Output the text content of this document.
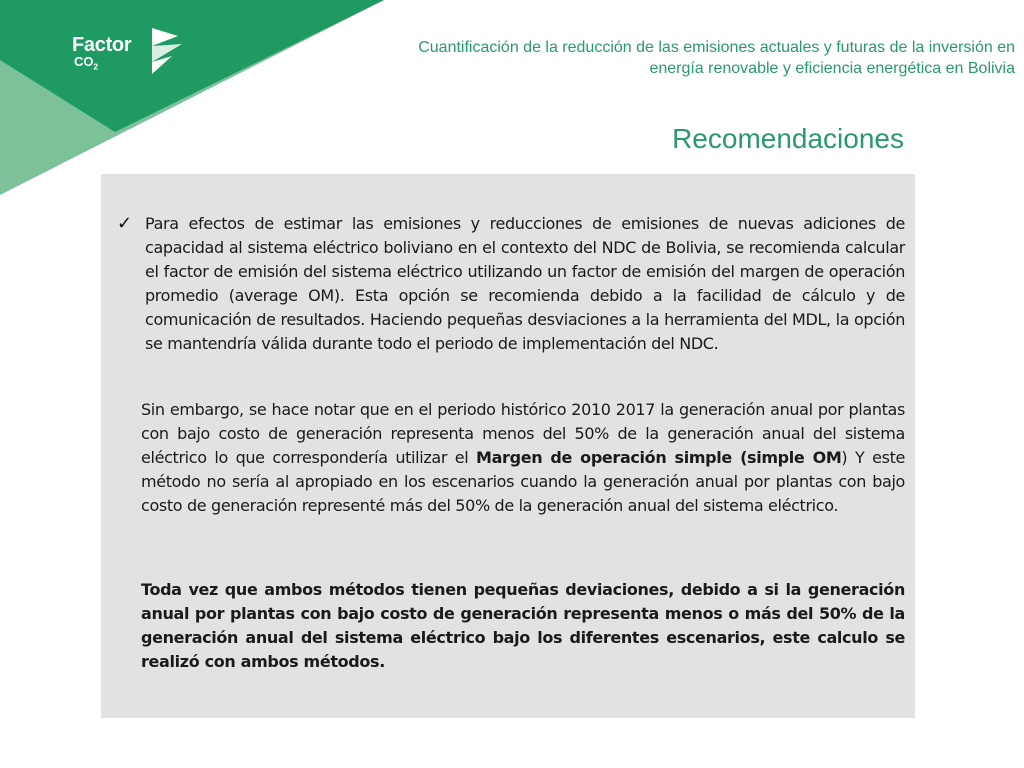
Factor
$CO_2$
Cuantificación de la reducción de las emisiones actuales y futuras de la inversión en
energía renovable y eficiencia energética en Bolivia
Recomendaciones
✓ Para efectos de estimar las emisiones y reducciones de emisiones de nuevas adiciones de capacidad al sistema eléctrico boliviano en el contexto del NDC de Bolivia, se recomienda calcular el factor de emisión del sistema eléctrico utilizando un factor de emisión del margen de operación promedio (average OM). Esta opción se recomienda debido a la facilidad de cálculo y de comunicación de resultados. Haciendo pequeñas desviaciones a la herramienta del MDL, la opción se mantendría válida durante todo el periodo de implementación del NDC.

Sin embargo, se hace notar que en el periodo histórico 2010 2017 la generación anual por plantas con bajo costo de generación representa menos del 50% de la generación anual del sistema eléctrico lo que correspondería utilizar el Margen de operación simple (simple OM) Y este método no sería al apropiado en los escenarios cuando la generación anual por plantas con bajo costo de generación representé más del 50% de la generación anual del sistema eléctrico.

Toda vez que ambos métodos tienen pequeñas deviaciones, debido a si la generación anual por plantas con bajo costo de generación representa menos o más del 50% de la generación anual del sistema eléctrico bajo los diferentes escenarios, este calculo se realizó con ambos métodos.
